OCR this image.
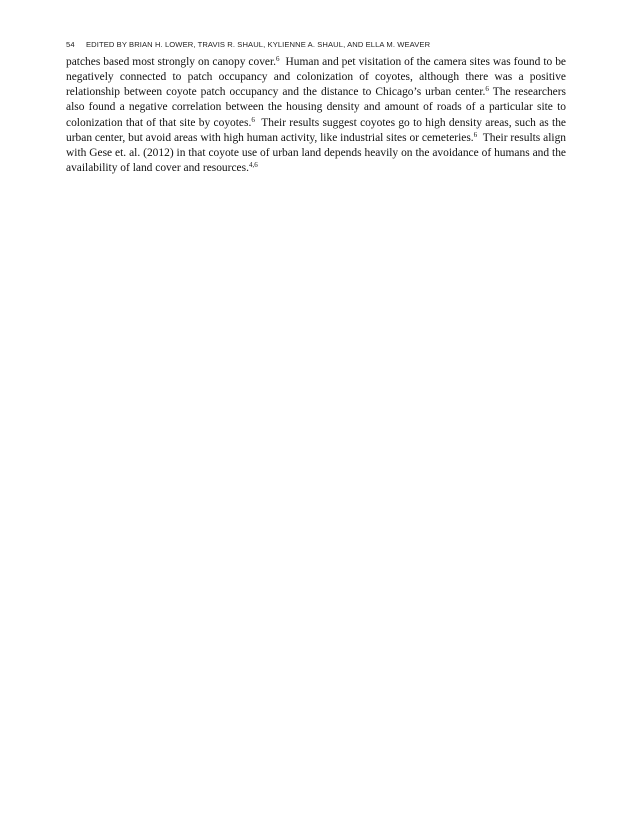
54 EDITED BY BRIAN H. LOWER, TRAVIS R. SHAUL, KYLIENNE A. SHAUL, AND ELLA M. WEAVER

patches based most strongly on canopy cover.$^6$ Human and pet visitation of the camera sites was found to be negatively connected to patch occupancy and colonization of coyotes, although there was a positive relationship between coyote patch occupancy and the distance to Chicago’s urban center.$^6$ The researchers also found a negative correlation between the housing density and amount of roads of a particular site to colonization that of that site by coyotes.$^6$ Their results suggest coyotes go to high density areas, such as the urban center, but avoid areas with high human activity, like industrial sites or cemeteries.$^6$ Their results align with Gese et. al. (2012) in that coyote use of urban land depends heavily on the avoidance of humans and the availability of land cover and resources.$^{4,6}$
